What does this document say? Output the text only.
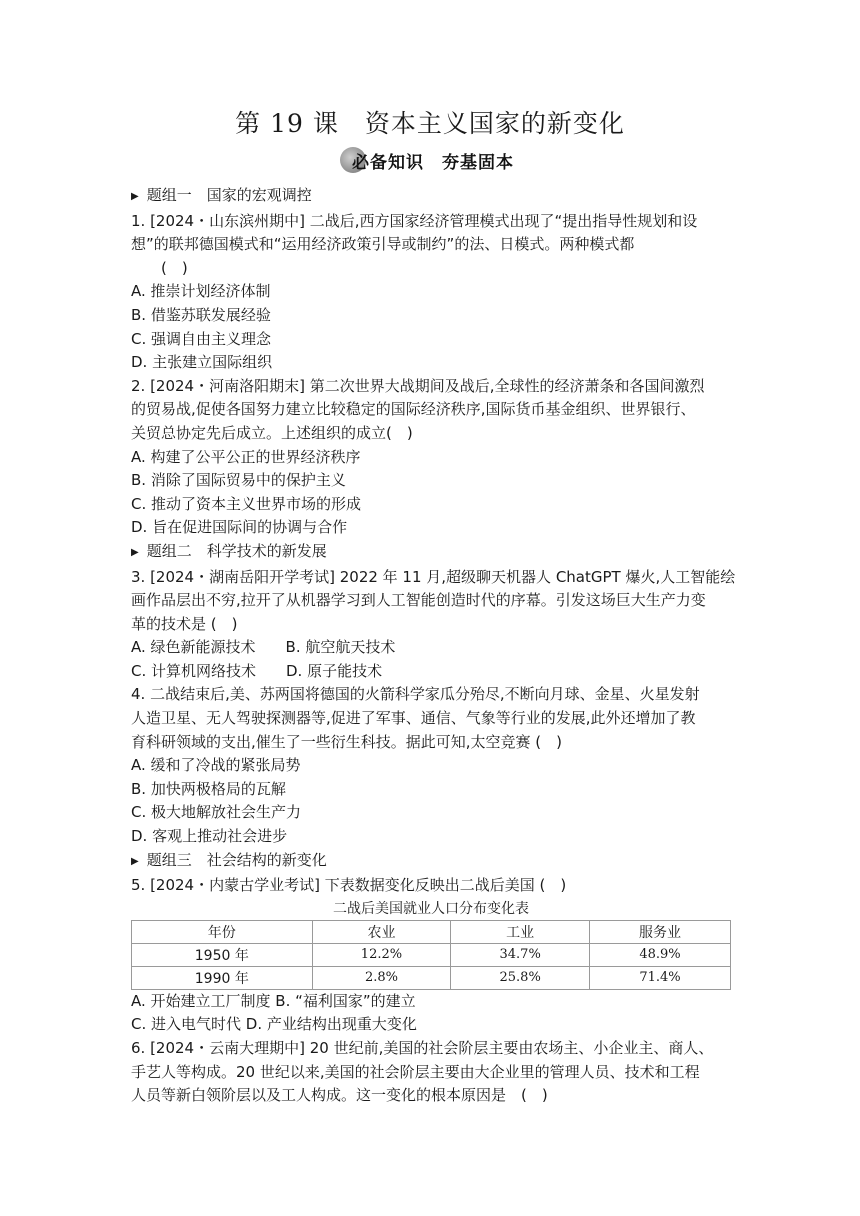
第 19 课　资本主义国家的新变化
必备知识　夯基固本
▶ 题组一　国家的宏观调控
1. [2024・山东滨州期中] 二战后,西方国家经济管理模式出现了“提出指导性规划和设
想”的联邦德国模式和“运用经济政策引导或制约”的法、日模式。两种模式都
(　)
A. 推崇计划经济体制
B. 借鉴苏联发展经验
C. 强调自由主义理念
D. 主张建立国际组织
2. [2024・河南洛阳期末] 第二次世界大战期间及战后,全球性的经济萧条和各国间激烈
的贸易战,促使各国努力建立比较稳定的国际经济秩序,国际货币基金组织、世界银行、
关贸总协定先后成立。上述组织的成立(　)
A. 构建了公平公正的世界经济秩序
B. 消除了国际贸易中的保护主义
C. 推动了资本主义世界市场的形成
D. 旨在促进国际间的协调与合作
▶ 题组二　科学技术的新发展
3. [2024・湖南岳阳开学考试] 2022 年 11 月,超级聊天机器人 ChatGPT 爆火,人工智能绘
画作品层出不穷,拉开了从机器学习到人工智能创造时代的序幕。引发这场巨大生产力变
革的技术是 (　)
A. 绿色新能源技术　　B. 航空航天技术
C. 计算机网络技术　　D. 原子能技术
4. 二战结束后,美、苏两国将德国的火箭科学家瓜分殆尽,不断向月球、金星、火星发射
人造卫星、无人驾驶探测器等,促进了军事、通信、气象等行业的发展,此外还增加了教
育科研领域的支出,催生了一些衍生科技。据此可知,太空竞赛 (　)
A. 缓和了冷战的紧张局势
B. 加快两极格局的瓦解
C. 极大地解放社会生产力
D. 客观上推动社会进步
▶ 题组三　社会结构的新变化
5. [2024・内蒙古学业考试] 下表数据变化反映出二战后美国 (　)
二战后美国就业人口分布变化表
年份	农业	工业	服务业
1950 年	12.2%	34.7%	48.9%
1990 年	2.8%	25.8%	71.4%
A. 开始建立工厂制度 B. “福利国家”的建立
C. 进入电气时代 D. 产业结构出现重大变化
6. [2024・云南大理期中] 20 世纪前,美国的社会阶层主要由农场主、小企业主、商人、
手艺人等构成。20 世纪以来,美国的社会阶层主要由大企业里的管理人员、技术和工程
人员等新白领阶层以及工人构成。这一变化的根本原因是　(　)
